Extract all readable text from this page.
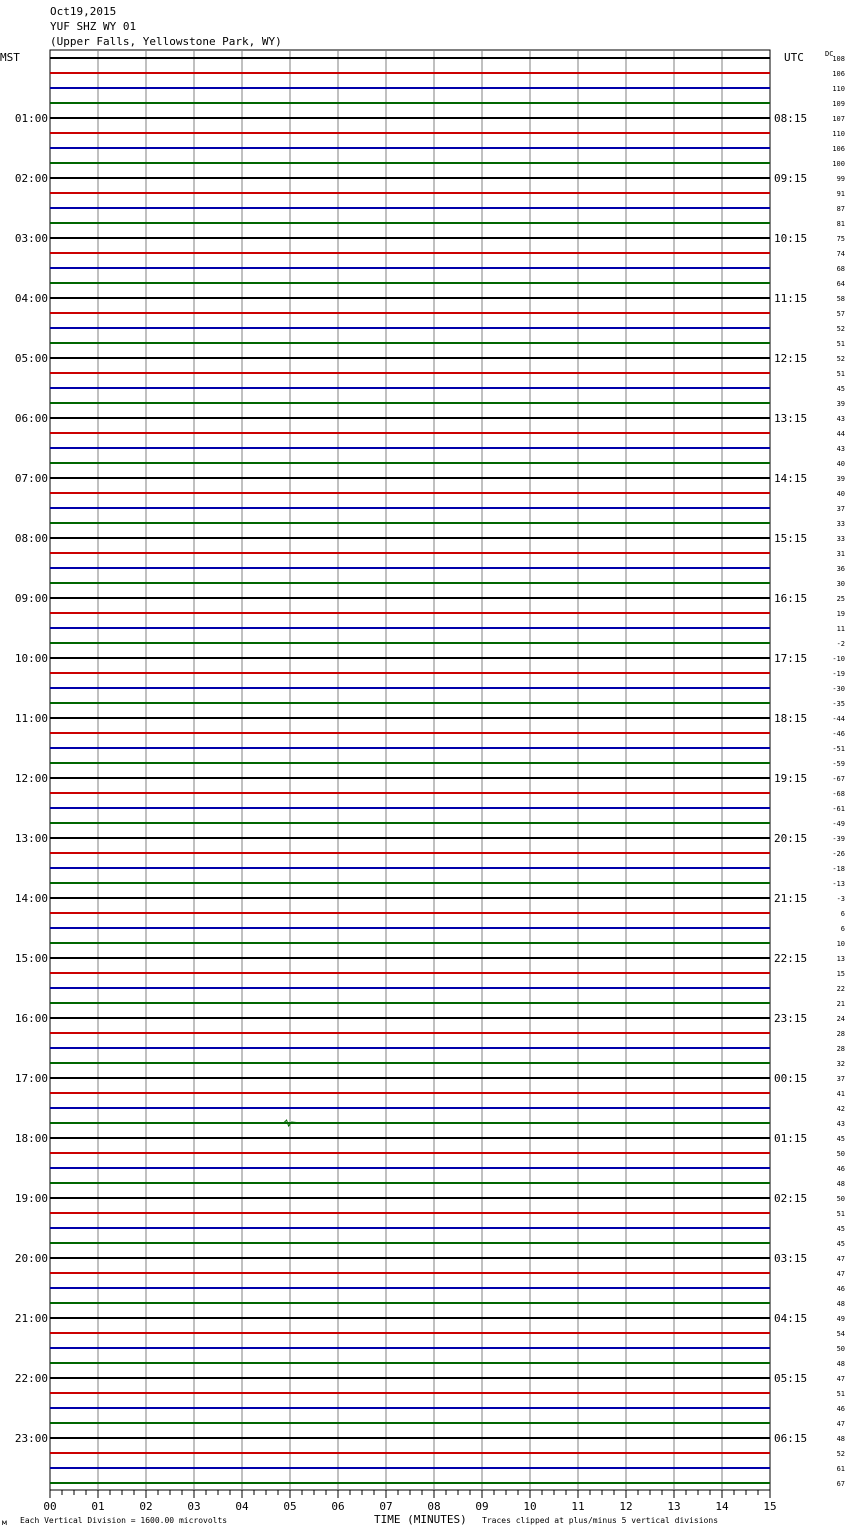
Oct19,2015
YUF SHZ WY 01
(Upper Falls, Yellowstone Park, WY)
108
106
110
109
107
110
106
100
99
91
87
81
75
74
68
64
58
57
52
51
52
51
45
39
43
44
43
40
39
40
37
33
33
31
36
30
25
19
11
-2
-10
-19
-30
-35
-44
-46
-51
-59
-67
-68
-61
-49
-39
-26
-18
-13
-3
6
6
10
13
15
22
21
24
28
28
32
37
41
42
43
45
50
46
48
50
51
45
45
47
47
46
48
49
54
50
48
47
51
46
47
48
52
61
67
01:00
02:00
03:00
04:00
05:00
06:00
07:00
08:00
09:00
10:00
11:00
12:00
13:00
14:00
15:00
16:00
17:00
18:00
19:00
20:00
21:00
22:00
23:00
08:15
09:15
10:15
11:15
12:15
13:15
14:15
15:15
16:15
17:15
18:15
19:15
20:15
21:15
22:15
23:15
00:15
01:15
02:15
03:15
04:15
05:15
06:15
MST	UTC	DC
00	01	02	03	04	05	06	07	08	09	10	11	12	13	14	15
м Each Vertical Division = 1600.00 microvolts	TIME (MINUTES) Traces clipped at plus/minus 5 vertical divisions
